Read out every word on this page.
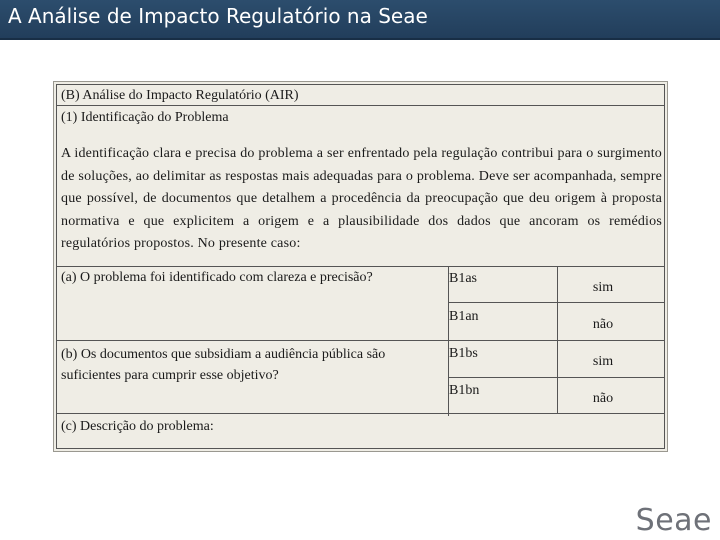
A Análise de Impacto Regulatório na Seae
(B) Análise do Impacto Regulatório (AIR)
(1) Identificação do Problema
A identificação clara e precisa do problema a ser enfrentado pela regulação contribui para o surgimento de soluções, ao delimitar as respostas mais adequadas para o problema. Deve ser acompanhada, sempre que possível, de documentos que detalhem a procedência da preocupação que deu origem à proposta normativa e que explicitem a origem e a plausibilidade dos dados que ancoram os remédios regulatórios propostos. No presente caso:
(a) O problema foi identificado com clareza e precisão?	B1as
sim
B1an
não
(b) Os documentos que subsidiam a audiência pública são suficientes para cumprir esse objetivo?
B1bs
sim
B1bn
não
(c) Descrição do problema:
Seae
